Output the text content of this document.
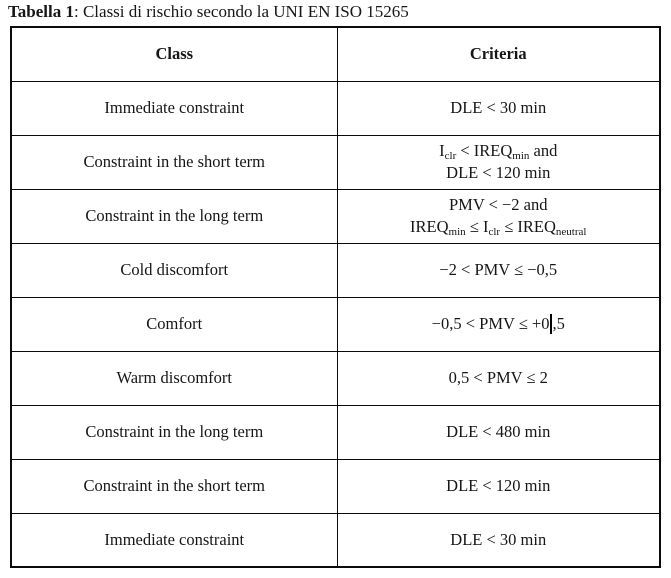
Tabella 1: Classi di rischio secondo la UNI EN ISO 15265
Class	Criteria
Immediate constraint	DLE < 30 min

Constraint in the short term	$I_{clr}$ < $IREQ_{min}$ and
DLE < 120 min

Constraint in the long term	PMV < −2 and
$IREQ_{min} \le I_{clr}$ ≤ $IREQ_{neutral}$

Cold discomfort	−2 < PMV ≤ −0,5

Comfort	−0,5 < PMV ≤ +0 ,5

Warm discomfort	0,5 < PMV ≤ 2

Constraint in the long term	DLE < 480 min

Constraint in the short term	DLE < 120 min

Immediate constraint	DLE < 30 min
